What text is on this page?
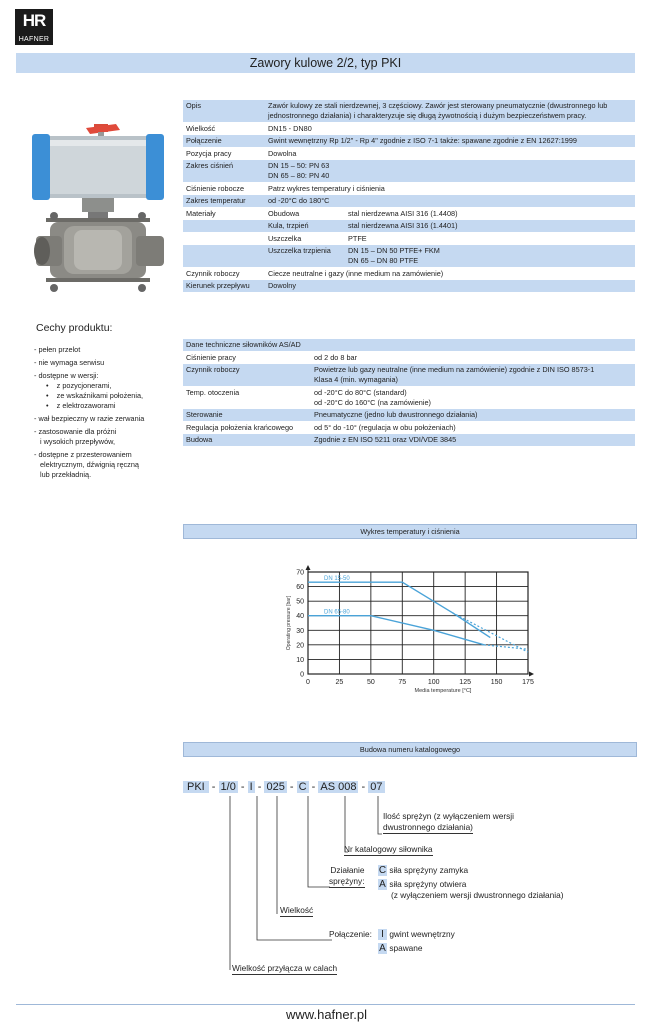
HR
HAFNER
Zawory kulowe 2/2, typ PKI
Opis	Zawór kulowy ze stali nierdzewnej, 3 częściowy. Zawór jest sterowany pneumatycznie (dwustronnego lub jednostronnego działania) i charakteryzuje się długą żywotnością i dużym bezpieczeństwem pracy.	
Wielkość	DN15 - DN80	
Połączenie	Gwint wewnętrzny Rp 1/2" - Rp 4" zgodnie z ISO 7-1 także: spawane zgodnie z EN 12627:1999	
Pozycja pracy	Dowolna	
Zakres ciśnień	DN 15 – 50: PN 63
DN 65 – 80: PN 40	

Ciśnienie robocze	Patrz wykres temperatury i ciśnienia	
Zakres temperatur	od -20°C do 180°C	
Materiały	Obudowa	stal nierdzewna AISI 316 (1.4408)
	Kula, trzpień	stal nierdzewna AISI 316 (1.4401)
	Uszczelka	PTFE
	Uszczelka trzpienia	DN 15 – DN 50 PTFE+ FKM
DN 65 – DN 80 PTFE

Czynnik roboczy	Ciecze neutralne i gazy (inne medium na zamówienie)	
Kierunek przepływu	Dowolny	
Cechy produktu:
- pełen przelot
- nie wymaga serwisu
- dostępne w wersji:
•    z pozycjonerami,
•    ze wskaźnikami położenia,
•    z elektrozaworami
- wał bezpieczny w razie zerwania
- zastosowanie dla próżni
i wysokich przepływów,
- dostępne z przesterowaniem
elektrycznym, dźwignią ręczną
lub przekładnią.
Dane techniczne siłowników AS/AD	
Ciśnienie pracy	od 2 do 8 bar
Czynnik roboczy	Powietrze lub gazy neutralne (inne medium na zamówienie) zgodnie z DIN ISO 8573-1
Klasa 4 (min. wymagania)

Temp. otoczenia	od -20°C do 80°C (standard)
od -20°C do 160°C (na zamówienie)

Sterowanie	Pneumatyczne (jedno lub dwustronnego działania)
Regulacja położenia krańcowego	od 5° do -10° (regulacja w obu położeniach)
Budowa	Zgodnie z EN ISO 5211 oraz VDI/VDE 3845
Wykres temperatury i ciśnienia
0
10
20
30
40
50
60
70
0	25	50	75	100	125	150	175
DN 15-50
DN 65-80
Operating pressure [bar]
Media temperature [°C]
Budowa numeru katalogowego
PKI - 1/0 - I - 025 - C - AS 008 - 07
Ilość sprężyn (z wyłączeniem wersji
dwustronnego działania)
Nr katalogowy siłownika
Działanie
sprężyny:
C siła sprężyny zamyka
A siła sprężyny otwiera
(z wyłączeniem wersji dwustronnego działania)
Wielkość
Połączenie: I gwint wewnętrzny
A spawane
Wielkość przyłącza w calach
www.hafner.pl
